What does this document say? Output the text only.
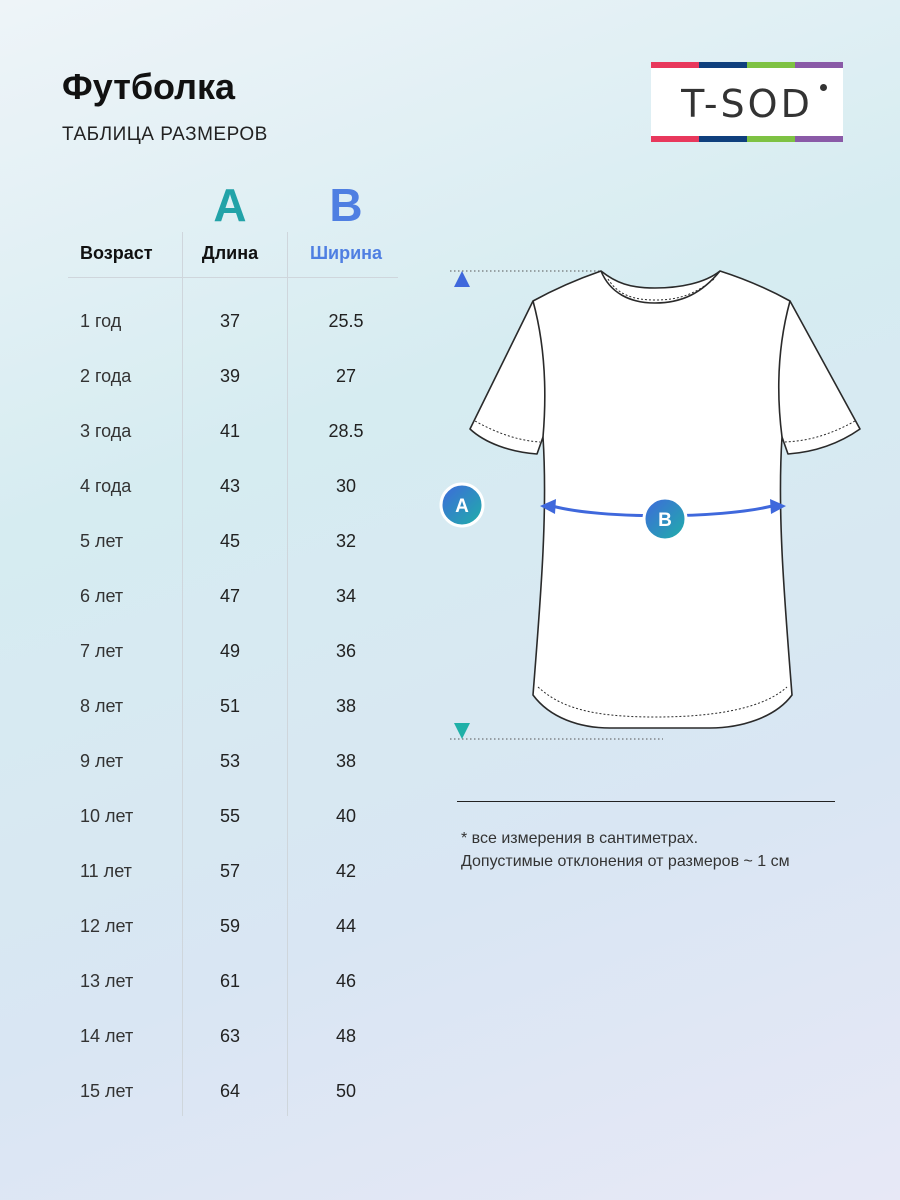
Футболка
ТАБЛИЦА РАЗМЕРОВ
T-SOD
A	B
Возраст	Длина	Ширина
1 год	37	25.5
2 года	39	27
3 года	41	28.5
4 года	43	30
5 лет	45	32
6 лет	47	34
7 лет	49	36
8 лет	51	38
9 лет	53	38
10 лет	55	40
11 лет	57	42
12 лет	59	44
13 лет	61	46
14 лет	63	48
15 лет	64	50
A
B
* все измерения в сантиметрах.
Допустимые отклонения от размеров ~ 1 см
